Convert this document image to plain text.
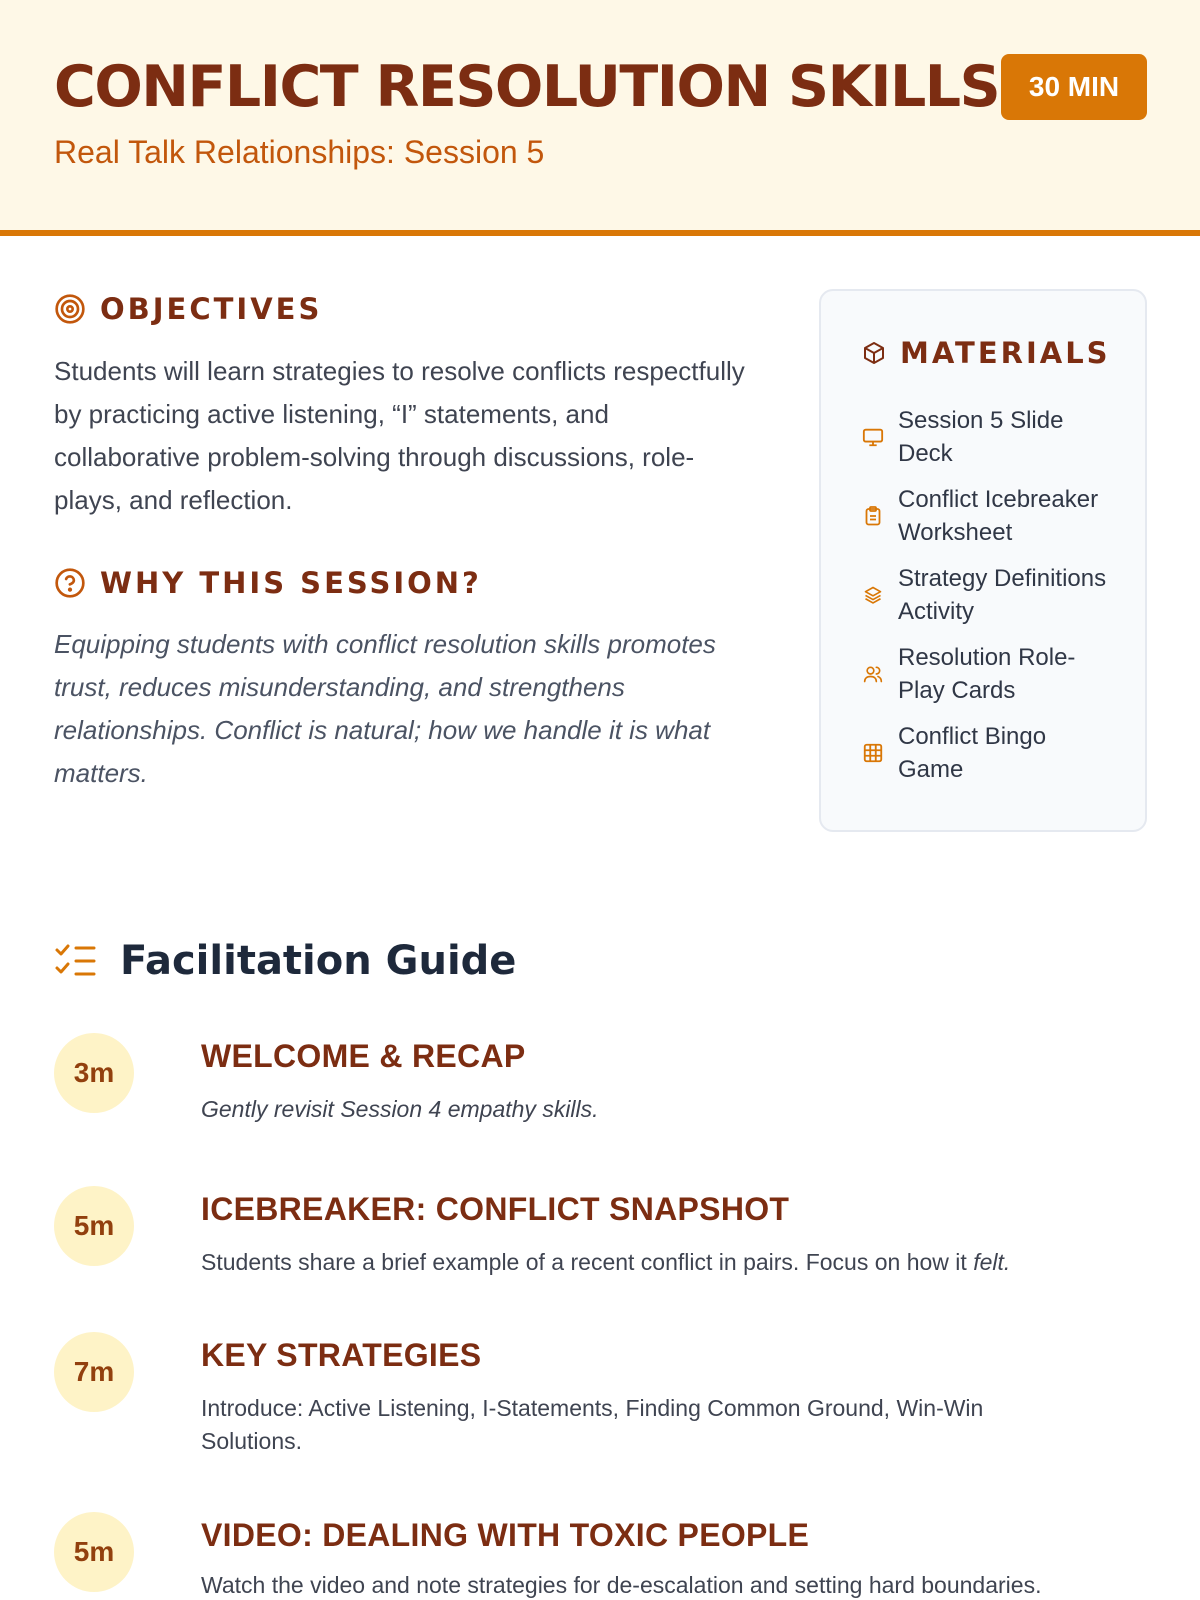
CONFLICT RESOLUTION SKILLS	30 MIN
Real Talk Relationships: Session 5
OBJECTIVES

Students will learn strategies to resolve conflicts respectfully by practicing active listening, “I” statements, and collaborative problem-solving through discussions, role-plays, and reflection.

WHY THIS SESSION?

Equipping students with conflict resolution skills promotes trust, reduces misunderstanding, and strengthens relationships. Conflict is natural; how we handle it is what matters.

MATERIALS
Session 5 Slide Deck
Conflict Icebreaker Worksheet
Strategy Definitions Activity
Resolution Role-Play Cards
Conflict Bingo Game
Facilitation Guide
3m	WELCOME & RECAP
Gently revisit Session 4 empathy skills.
5m	ICEBREAKER: CONFLICT SNAPSHOT
Students share a brief example of a recent conflict in pairs. Focus on how it felt.
7m	KEY STRATEGIES
Introduce: Active Listening, I-Statements, Finding Common Ground, Win-Win Solutions.
5m	VIDEO: DEALING WITH TOXIC PEOPLE
Watch the video and note strategies for de-escalation and setting hard boundaries.
